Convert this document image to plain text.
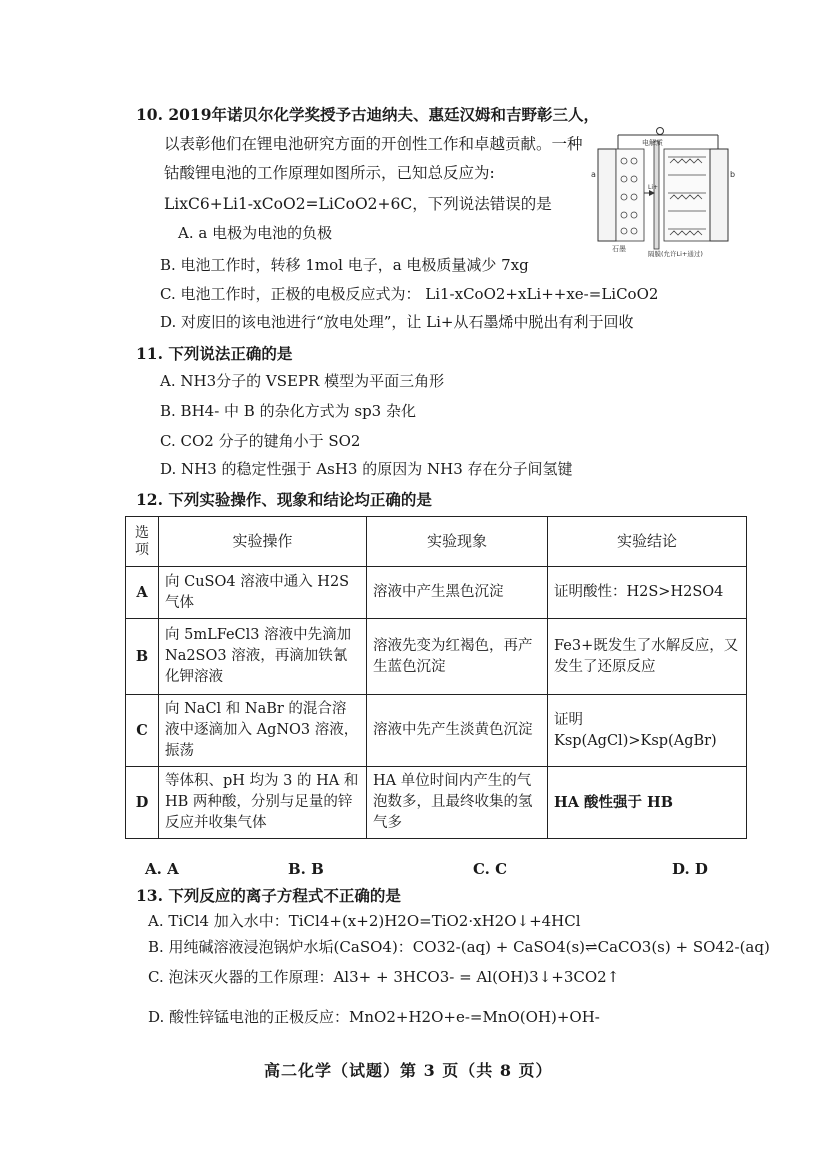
10. 2019年诺贝尔化学奖授予古迪纳夫、惠廷汉姆和吉野彰三人，
以表彰他们在锂电池研究方面的开创性工作和卓越贡献。一种
钴酸锂电池的工作原理如图所示，已知总反应为:
LixC6+Li1-xCoO2=LiCoO2+6C，下列说法错误的是
A. a 电极为电池的负极
B. 电池工作时，转移 1mol 电子，a 电极质量减少 7xg
C. 电池工作时，正极的电极反应式为： Li1-xCoO2+xLi++xe-=LiCoO2
D. 对废旧的该电池进行“放电处理”，让 Li+从石墨烯中脱出有利于回收
Li+
a	b
电解质
石墨
隔膜(允许Li+通过)
11. 下列说法正确的是
A. NH3分子的 VSEPR 模型为平面三角形
B. BH4- 中 B 的杂化方式为 sp3 杂化
C. CO2 分子的键角小于 SO2
D. NH3 的稳定性强于 AsH3 的原因为 NH3 存在分子间氢键
12. 下列实验操作、现象和结论均正确的是
选项	实验操作	实验现象	实验结论
A	向 CuSO4 溶液中通入 H2S 气体	溶液中产生黑色沉淀	证明酸性：H2S>H2SO4
B	向 5mLFeCl3 溶液中先滴加 Na2SO3 溶液，再滴加铁氰化钾溶液	溶液先变为红褐色，再产生蓝色沉淀	Fe3+既发生了水解反应，又发生了还原反应
C	向 NaCl 和 NaBr 的混合溶液中逐滴加入 AgNO3 溶液，振荡	溶液中先产生淡黄色沉淀	证明 Ksp(AgCl)>Ksp(AgBr)
D	等体积、pH 均为 3 的 HA 和 HB 两种酸，分别与足量的锌反应并收集气体	HA 单位时间内产生的气泡数多，且最终收集的氢气多	HA 酸性强于 HB
A. A	B. B	C. C	D. D
13. 下列反应的离子方程式不正确的是
A. TiCl4 加入水中：TiCl4+(x+2)H2O=TiO2·xH2O↓+4HCl
B. 用纯碱溶液浸泡锅炉水垢(CaSO4)：CO32-(aq) + CaSO4(s)⇌CaCO3(s) + SO42-(aq)
C. 泡沫灭火器的工作原理：Al3+ + 3HCO3- = Al(OH)3↓+3CO2↑
D. 酸性锌锰电池的正极反应：MnO2+H2O+e-=MnO(OH)+OH-
高二化学（试题）第 3 页（共 8 页）
